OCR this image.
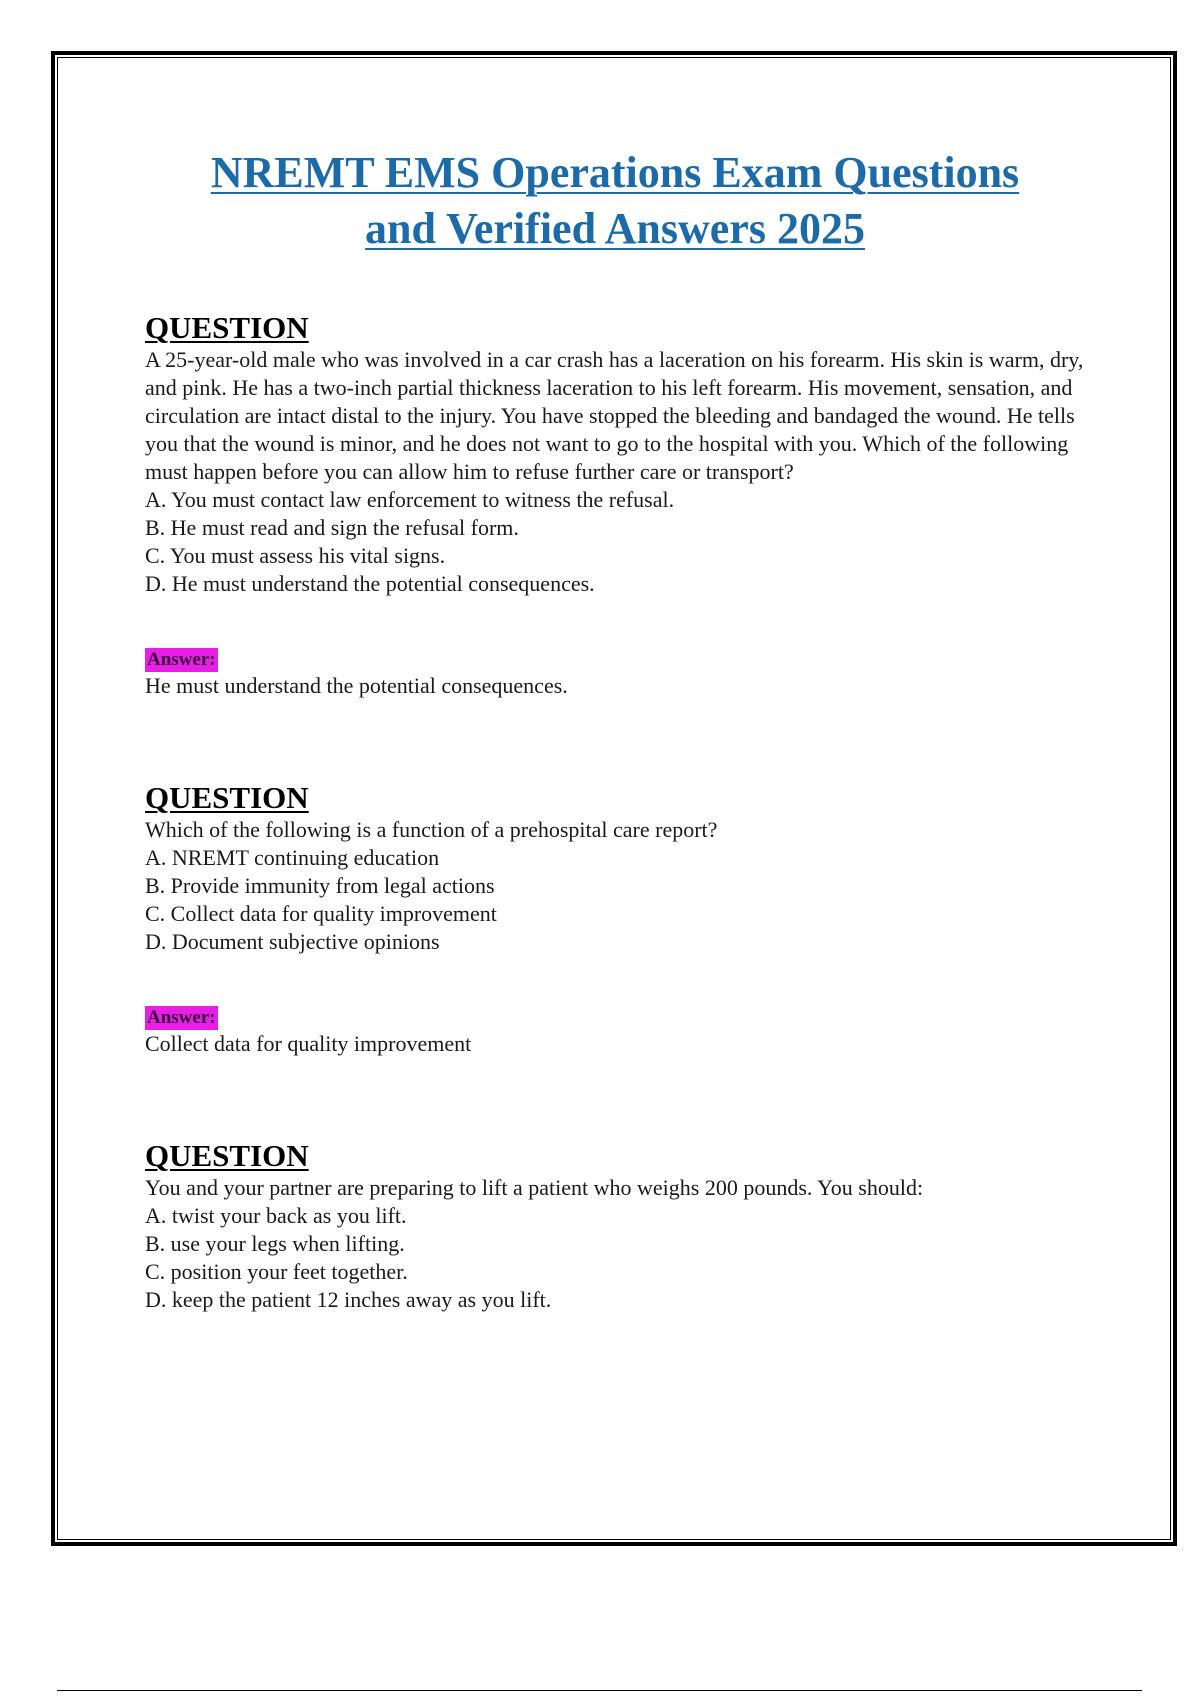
NREMT EMS Operations Exam Questions
and Verified Answers 2025
QUESTION

A 25-year-old male who was involved in a car crash has a laceration on his forearm. His skin is warm, dry, and pink. He has a two-inch partial thickness laceration to his left forearm. His movement, sensation, and circulation are intact distal to the injury. You have stopped the bleeding and bandaged the wound. He tells you that the wound is minor, and he does not want to go to the hospital with you. Which of the following must happen before you can allow him to refuse further care or transport?

A. You must contact law enforcement to witness the refusal.
B. He must read and sign the refusal form.
C. You must assess his vital signs.
D. He must understand the potential consequences.
Answer:

He must understand the potential consequences.

QUESTION

Which of the following is a function of a prehospital care report?

A. NREMT continuing education
B. Provide immunity from legal actions
C. Collect data for quality improvement
D. Document subjective opinions
Answer:

Collect data for quality improvement

QUESTION

You and your partner are preparing to lift a patient who weighs 200 pounds. You should:

A. twist your back as you lift.
B. use your legs when lifting.
C. position your feet together.
D. keep the patient 12 inches away as you lift.
